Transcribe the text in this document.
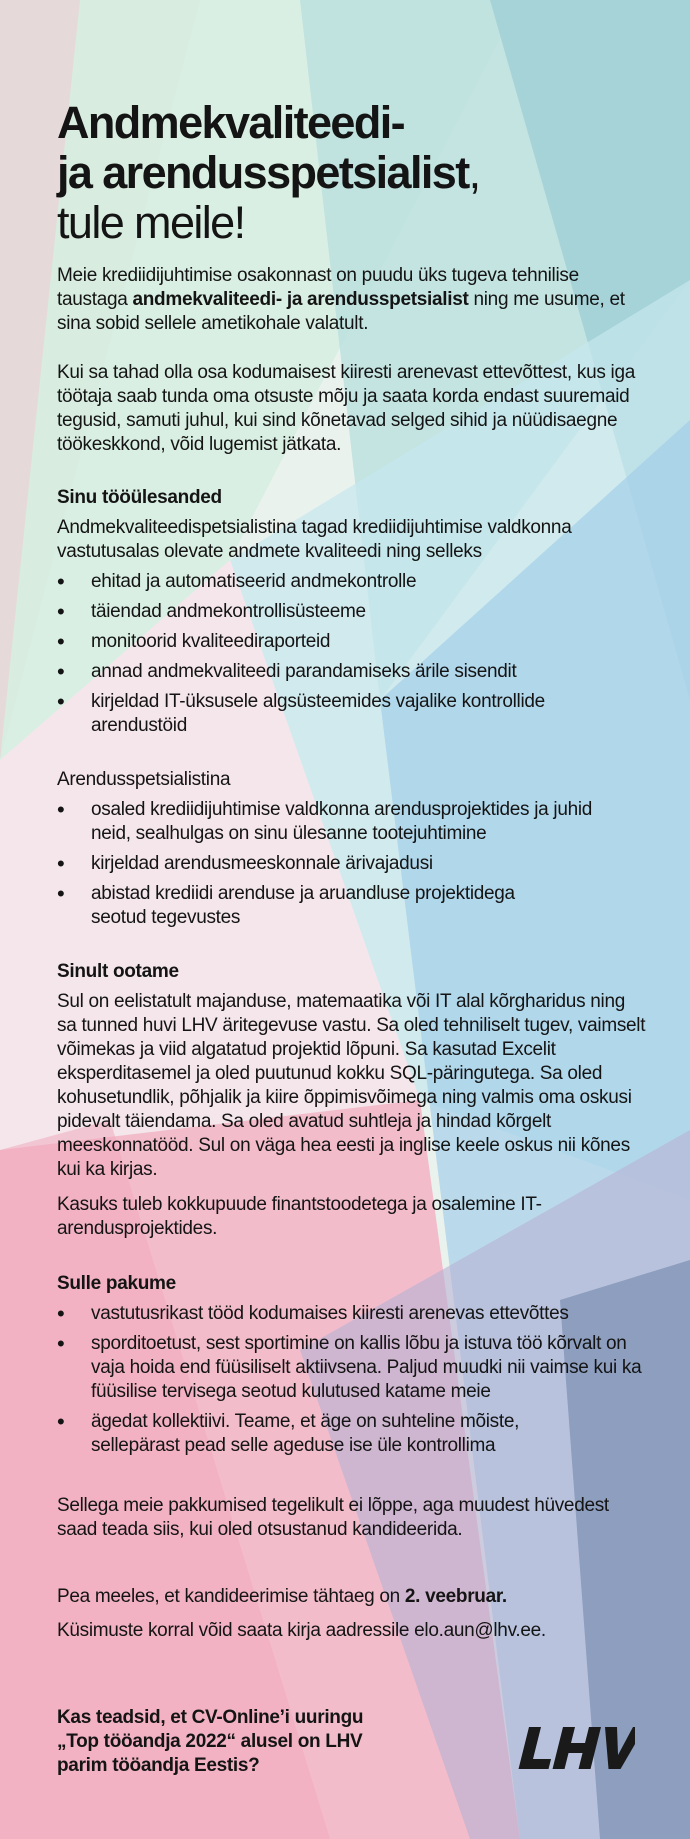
Andmekvaliteedi-
ja arendusspetsialist,
tule meile!

Meie krediidijuhtimise osakonnast on puudu üks tugeva tehnilise taustaga andmekvaliteedi- ja arendusspetsialist ning me usume, et sina sobid sellele ametikohale valatult.

Kui sa tahad olla osa kodumaisest kiiresti arenevast ettevõttest, kus iga töötaja saab tunda oma otsuste mõju ja saata korda endast suuremaid tegusid, samuti juhul, kui sind kõnetavad selged sihid ja nüüdisaegne töökeskkond, võid lugemist jätkata.

Sinu tööülesanded

Andmekvaliteedispetsialistina tagad krediidijuhtimise valdkonna vastutusalas olevate andmete kvaliteedi ning selleks

• ehitad ja automatiseerid andmekontrolle
• täiendad andmekontrollisüsteeme
• monitoorid kvaliteediraporteid
• annad andmekvaliteedi parandamiseks ärile sisendit
• kirjeldad IT-üksusele algsüsteemides vajalike kontrollide arendustöid

Arendusspetsialistina

• osaled krediidijuhtimise valdkonna arendusprojektides ja juhid neid, sealhulgas on sinu ülesanne tootejuhtimine
• kirjeldad arendusmeeskonnale ärivajadusi
• abistad krediidi arenduse ja aruandluse projektidega seotud tegevustes
Sinult ootame

Sul on eelistatult majanduse, matemaatika või IT alal kõrgharidus ning sa tunned huvi LHV äritegevuse vastu. Sa oled tehniliselt tugev, vaimselt võimekas ja viid algatatud projektid lõpuni. Sa kasutad Excelit eksperditasemel ja oled puutunud kokku SQL-päringutega. Sa oled kohusetundlik, põhjalik ja kiire õppimisvõimega ning valmis oma oskusi pidevalt täiendama. Sa oled avatud suhtleja ja hindad kõrgelt meeskonnatööd. Sul on väga hea eesti ja inglise keele oskus nii kõnes kui ka kirjas.

Kasuks tuleb kokkupuude finantstoodetega ja osalemine IT-arendusprojektides.

Sulle pakume
• vastutusrikast tööd kodumaises kiiresti arenevas ettevõttes
• sporditoetust, sest sportimine on kallis lõbu ja istuva töö kõrvalt on vaja hoida end füüsiliselt aktiivsena. Paljud muudki nii vaimse kui ka füüsilise tervisega seotud kulutused katame meie
• ägedat kollektiivi. Teame, et äge on suhteline mõiste, sellepärast pead selle ageduse ise üle kontrollima

Sellega meie pakkumised tegelikult ei lõppe, aga muudest hüvedest saad teada siis, kui oled otsustanud kandideerida.

Pea meeles, et kandideerimise tähtaeg on 2. veebruar.

Küsimuste korral võid saata kirja aadressile elo.aun@lhv.ee.

Kas teadsid, et CV-Online’i uuringu „Top tööandja 2022“ alusel on LHV parim tööandja Eestis?
